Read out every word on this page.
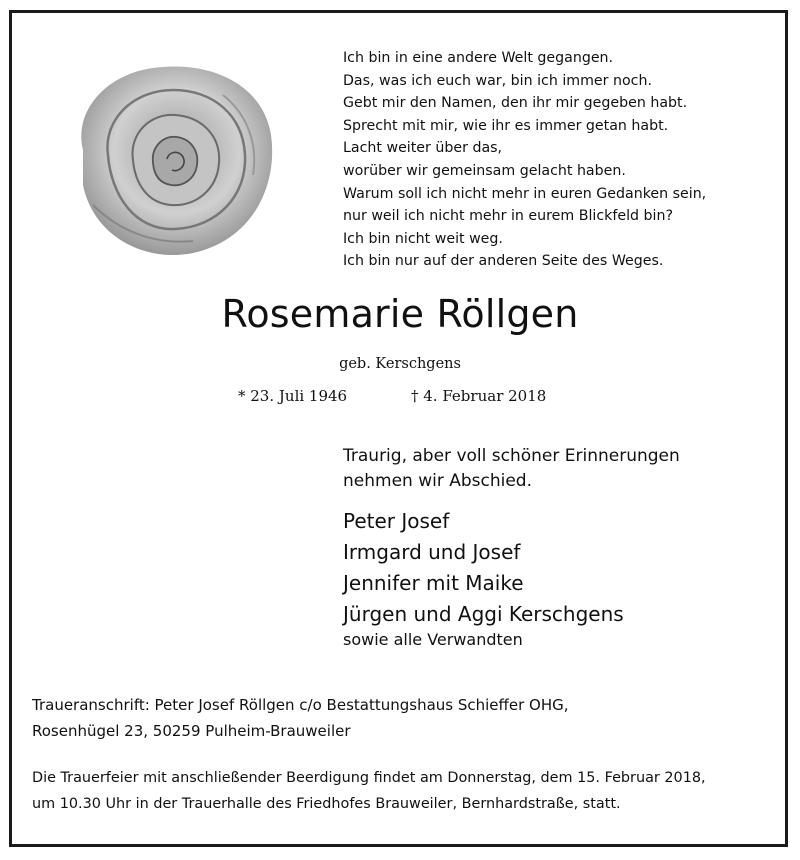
Ich bin in eine andere Welt gegangen.
Das, was ich euch war, bin ich immer noch.
Gebt mir den Namen, den ihr mir gegeben habt.
Sprecht mit mir, wie ihr es immer getan habt.
Lacht weiter über das,
worüber wir gemeinsam gelacht haben.
Warum soll ich nicht mehr in euren Gedanken sein,
nur weil ich nicht mehr in eurem Blickfeld bin?
Ich bin nicht weit weg.
Ich bin nur auf der anderen Seite des Weges.
Rosemarie Röllgen
geb. Kerschgens
* 23. Juli 1946	† 4. Februar 2018
Traurig, aber voll schöner Erinnerungen
nehmen wir Abschied.
Peter Josef
Irmgard und Josef
Jennifer mit Maike
Jürgen und Aggi Kerschgens
sowie alle Verwandten
Traueranschrift: Peter Josef Röllgen c/o Bestattungshaus Schieffer OHG,
Rosenhügel 23, 50259 Pulheim-Brauweiler
Die Trauerfeier mit anschließender Beerdigung findet am Donnerstag, dem 15. Februar 2018,
um 10.30 Uhr in der Trauerhalle des Friedhofes Brauweiler, Bernhardstraße, statt.
